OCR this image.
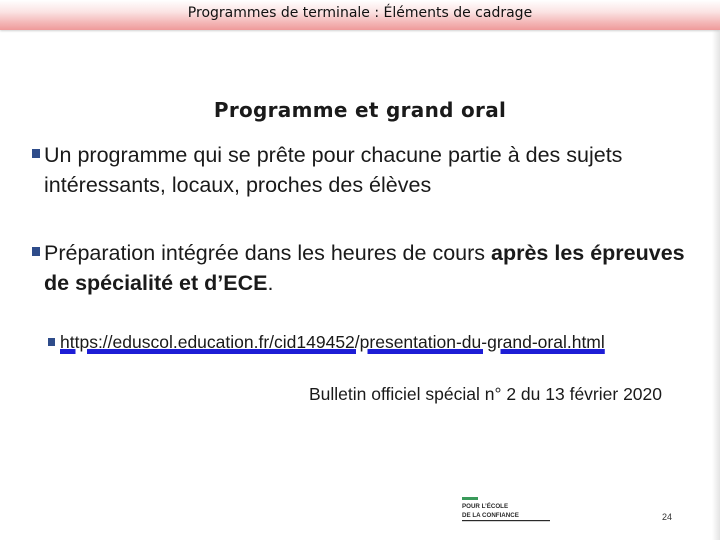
Programmes de terminale : Éléments de cadrage
Programme et grand oral
Un programme qui se prête pour chacune partie à des sujets intéressants, locaux, proches des élèves
Préparation intégrée dans les heures de cours après les épreuves de spécialité et d’ECE.
https://eduscol.education.fr/cid149452/presentation-du-grand-oral.html
Bulletin officiel spécial n° 2 du 13 février 2020
POUR L’ÉCOLE
DE LA CONFIANCE	24
